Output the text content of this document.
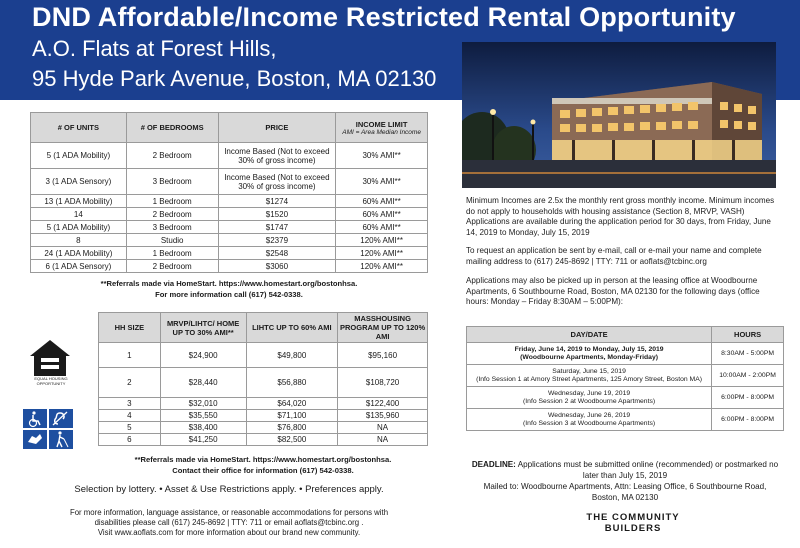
DND Affordable/Income Restricted Rental Opportunity
A.O. Flats at Forest Hills,
95 Hyde Park Avenue, Boston, MA 02130
# OF UNITS	# OF BEDROOMS	PRICE	INCOME LIMIT
AMI = Area Median Income

5 (1 ADA Mobility)	2 Bedroom	Income Based (Not to exceed 30% of gross income)	30% AMI**
3 (1 ADA Sensory)	3 Bedroom	Income Based (Not to exceed 30% of gross income)	30% AMI**
13 (1 ADA Mobility)	1 Bedroom	$1274	60% AMI**
14	2 Bedroom	$1520	60% AMI**
5 (1 ADA Mobility)	3 Bedroom	$1747	60% AMI**
8	Studio	$2379	120% AMI**
24 (1 ADA Mobility)	1 Bedroom	$2548	120% AMI**
6 (1 ADA Sensory)	2 Bedroom	$3060	120% AMI**
**Referrals made via HomeStart. https://www.homestart.org/bostonhsa.
For more information call (617) 542-0338.
HH SIZE	MRVP/LIHTC/ HOME UP TO 30% AMI**	LIHTC UP TO 60% AMI	MASSHOUSING PROGRAM UP TO 120% AMI
1	$24,900	$49,800	$95,160
2	$28,440	$56,880	$108,720
3	$32,010	$64,020	$122,400
4	$35,550	$71,100	$135,960
5	$38,400	$76,800	NA
6	$41,250	$82,500	NA
**Referrals made via HomeStart. https://www.homestart.org/bostonhsa.
Contact their office for information (617) 542-0338.
EQUAL HOUSING OPPORTUNITY
Selection by lottery. • Asset & Use Restrictions apply. • Preferences apply.
For more information, language assistance, or reasonable accommodations for persons with
disabilities please call (617) 245-8692 | TTY: 711 or email aoflats@tcbinc.org .
Visit www.aoflats.com for more information about our brand new community.
Minimum Incomes are 2.5x the monthly rent gross monthly income. Minimum incomes do not apply to households with housing assistance (Section 8, MRVP, VASH) Applications are available during the application period for 30 days, from Friday, June 14, 2019 to Monday, July 15, 2019
To request an application be sent by e-mail, call or e-mail your name and complete mailing address to (617) 245-8692 | TTY: 711 or aoflats@tcbinc.org
Applications may also be picked up in person at the leasing office at Woodbourne Apartments, 6 Southbourne Road, Boston, MA 02130 for the following days (office hours: Monday – Friday 8:30AM – 5:00PM):
DAY/DATE	HOURS

Friday, June 14, 2019 to Monday, July 15, 2019
(Woodbourne Apartments, Monday-Friday)	8:30AM - 5:00PM

Saturday, June 15, 2019
(Info Session 1 at Amory Street Apartments, 125 Amory Street, Boston MA)	10:00AM - 2:00PM

Wednesday, June 19, 2019
(Info Session 2 at Woodbourne Apartments)	6:00PM - 8:00PM

Wednesday, June 26, 2019
(Info Session 3 at Woodbourne Apartments)	6:00PM - 8:00PM
DEADLINE: Applications must be submitted online (recommended) or postmarked no later than July 15, 2019
Mailed to: Woodbourne Apartments, Attn: Leasing Office, 6 Southbourne Road,
Boston, MA 02130
THE COMMUNITY
BUILDERS
